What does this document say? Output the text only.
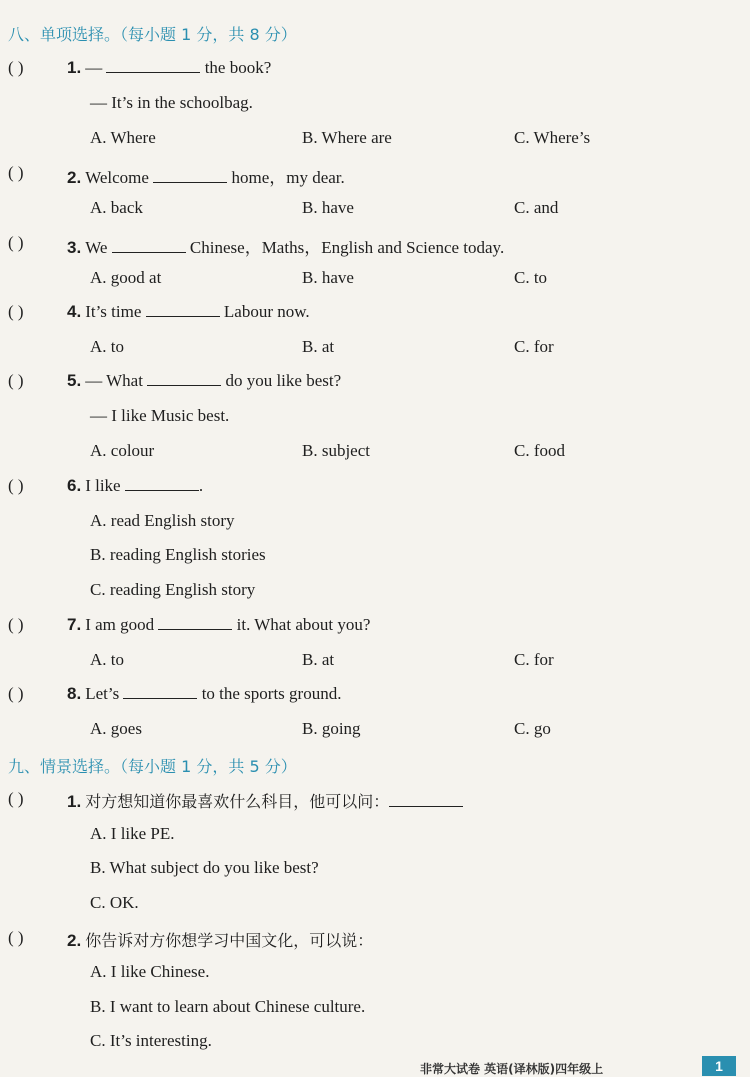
八、单项选择。（每小题 1 分，共 8 分）
( )	1. —	the book?
— It’s in the schoolbag.
A. Where	B. Where are	C. Where’s
( )	2. Welcome	home，my dear.
A. back	B. have	C. and
( )	3. We	Chinese，Maths，English and Science today.
A. good at	B. have	C. to
( )	4. It’s time	Labour now.
A. to	B. at	C. for
( )	5. — What	do you like best?
— I like Music best.
A. colour	B. subject	C. food
( )	6. I like	.
A. read English story
B. reading English stories
C. reading English story
( )	7. I am good	it. What about you?
A. to	B. at	C. for
( )	8. Let’s	to the sports ground.
A. goes	B. going	C. go
九、情景选择。（每小题 1 分，共 5 分）
( )	1. 对方想知道你最喜欢什么科目，他可以问：
A. I like PE.
B. What subject do you like best?
C. OK.
( )	2. 你告诉对方你想学习中国文化，可以说：
A. I like Chinese.
B. I want to learn about Chinese culture.
C. It’s interesting.
非常大试卷 英语(译林版)四年级上	1
